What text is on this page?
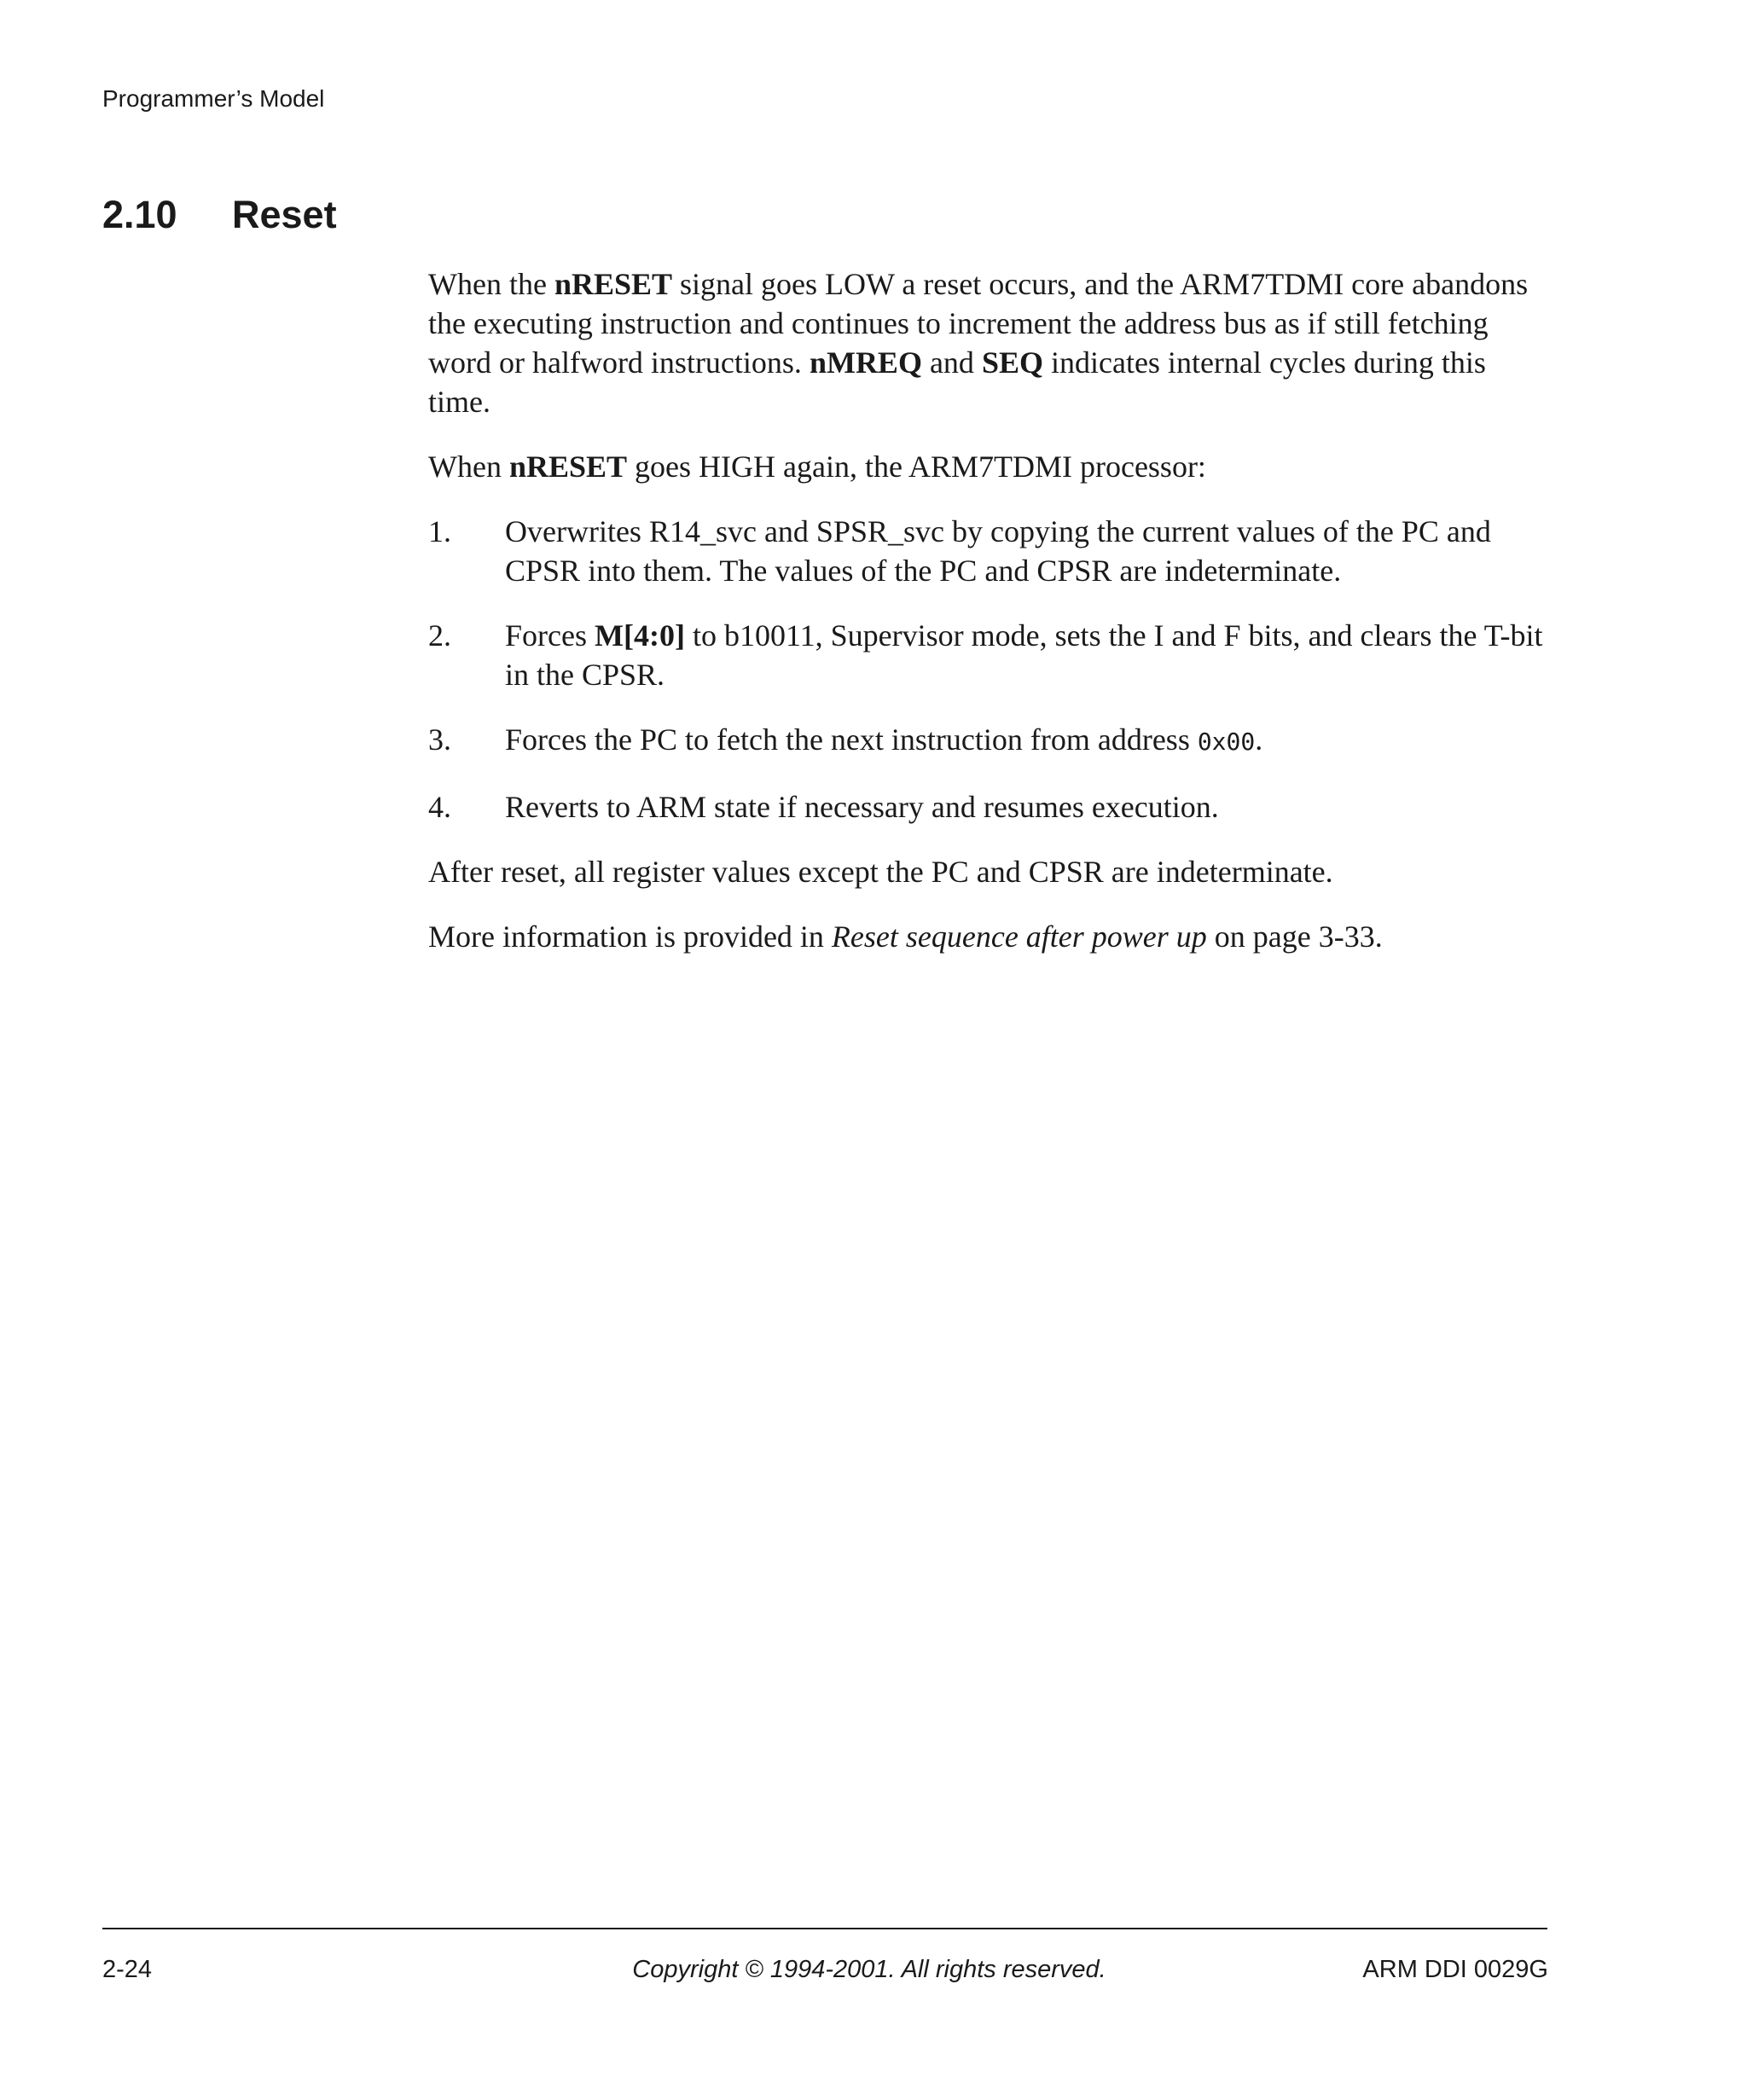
Programmer’s Model
2.10 Reset

When the nRESET signal goes LOW a reset occurs, and the ARM7TDMI core abandons the executing instruction and continues to increment the address bus as if still fetching word or halfword instructions. nMREQ and SEQ indicates internal cycles during this time.

When nRESET goes HIGH again, the ARM7TDMI processor:

1. Overwrites R14_svc and SPSR_svc by copying the current values of the PC and CPSR into them. The values of the PC and CPSR are indeterminate.
2. Forces M[4:0] to b10011, Supervisor mode, sets the I and F bits, and clears the T-bit in the CPSR.
3. Forces the PC to fetch the next instruction from address 0x00.
4. Reverts to ARM state if necessary and resumes execution.

After reset, all register values except the PC and CPSR are indeterminate.

More information is provided in Reset sequence after power up on page 3-33.

2-24	Copyright © 1994-2001. All rights reserved.	ARM DDI 0029G
